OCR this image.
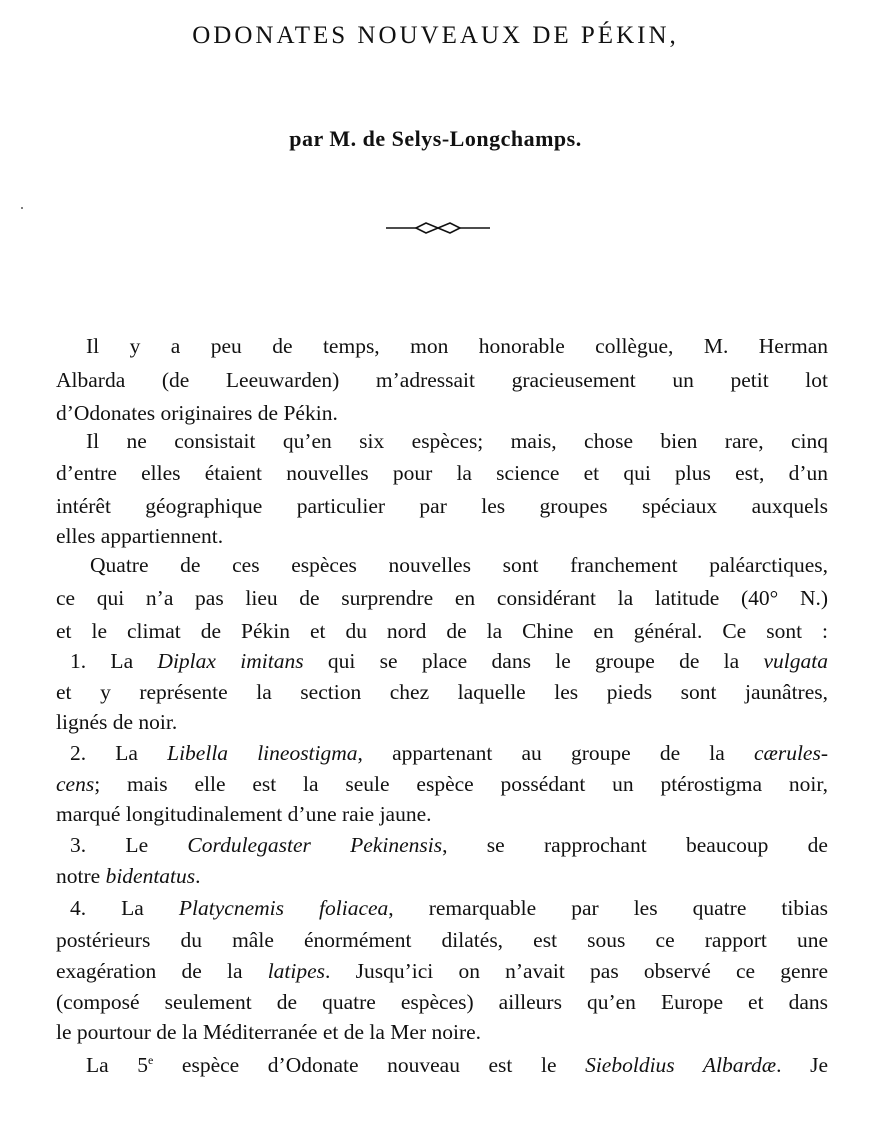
ODONATES NOUVEAUX DE PÉKIN,
par M. de Selys-Longchamps.
Il y a peu de temps, mon honorable collègue, M. Herman
Albarda (de Leeuwarden) m’adressait gracieusement un petit lot
d’Odonates originaires de Pékin.
Il ne consistait qu’en six espèces; mais, chose bien rare, cinq
d’entre elles étaient nouvelles pour la science et qui plus est, d’un
intérêt géographique particulier par les groupes spéciaux auxquels
elles appartiennent.
Quatre de ces espèces nouvelles sont franchement paléarctiques,
ce qui n’a pas lieu de surprendre en considérant la latitude (40° N.)
et le climat de Pékin et du nord de la Chine en général. Ce sont :
1. La Diplax imitans qui se place dans le groupe de la vulgata
et y représente la section chez laquelle les pieds sont jaunâtres,
lignés de noir.
2. La Libella lineostigma, appartenant au groupe de la cærules-
cens; mais elle est la seule espèce possédant un ptérostigma noir,
marqué longitudinalement d’une raie jaune.
3. Le Cordulegaster Pekinensis, se rapprochant beaucoup de
notre bidentatus.
4. La Platycnemis foliacea, remarquable par les quatre tibias
postérieurs du mâle énormément dilatés, est sous ce rapport une
exagération de la latipes. Jusqu’ici on n’avait pas observé ce genre
(composé seulement de quatre espèces) ailleurs qu’en Europe et dans
le pourtour de la Méditerranée et de la Mer noire.
La 5e espèce d’Odonate nouveau est le Sieboldius Albardæ. Je
